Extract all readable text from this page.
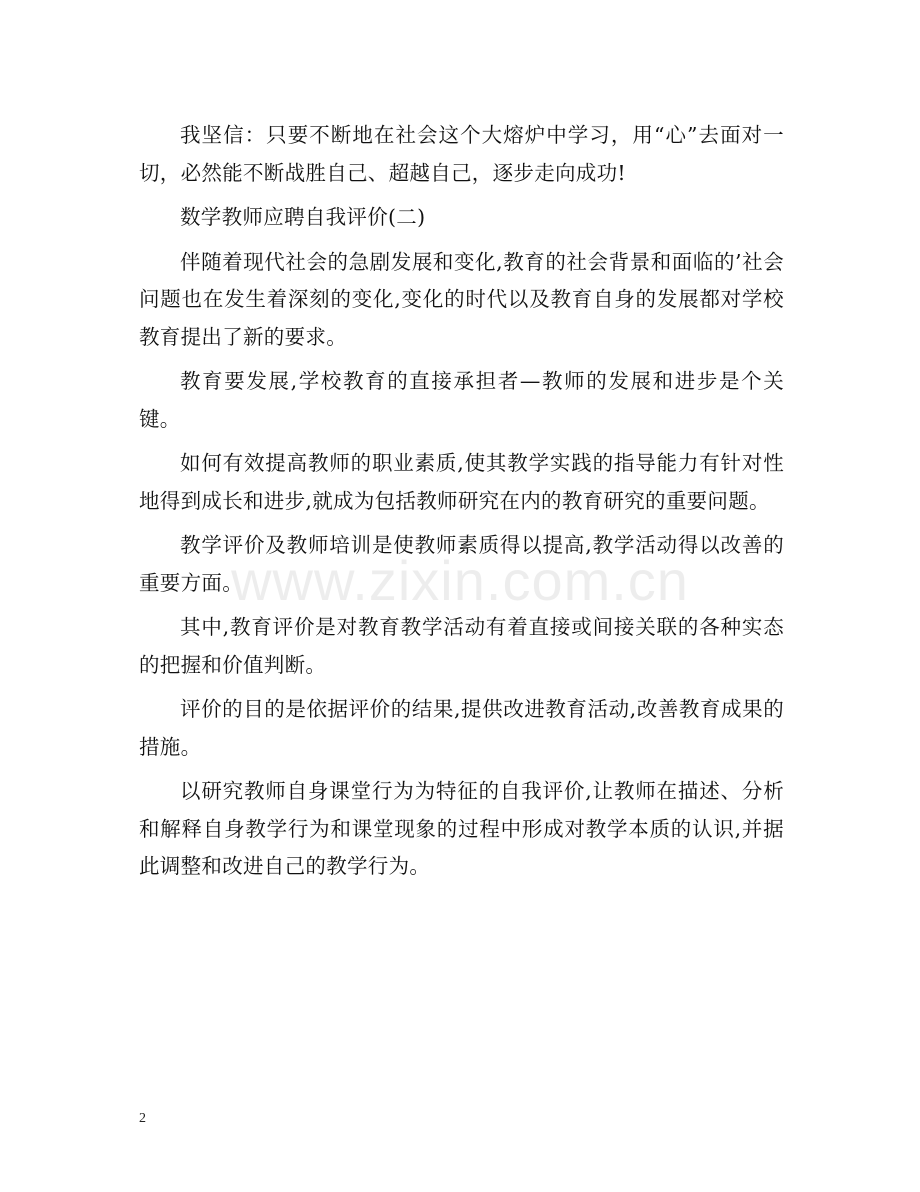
我坚信：只要不断地在社会这个大熔炉中学习，用“心”去面对一切，必然能不断战胜自己、超越自己，逐步走向成功!

数学教师应聘自我评价(二)

伴随着现代社会的急剧发展和变化,教育的社会背景和面临的’社会问题也在发生着深刻的变化,变化的时代以及教育自身的发展都对学校教育提出了新的要求。

教育要发展,学校教育的直接承担者—教师的发展和进步是个关键。

如何有效提高教师的职业素质,使其教学实践的指导能力有针对性地得到成长和进步,就成为包括教师研究在内的教育研究的重要问题。

教学评价及教师培训是使教师素质得以提高,教学活动得以改善的重要方面。

其中,教育评价是对教育教学活动有着直接或间接关联的各种实态的把握和价值判断。

评价的目的是依据评价的结果,提供改进教育活动,改善教育成果的措施。

以研究教师自身课堂行为为特征的自我评价,让教师在描述、分析和解释自身教学行为和课堂现象的过程中形成对教学本质的认识,并据此调整和改进自己的教学行为。

www.zixin.com.cn
2
